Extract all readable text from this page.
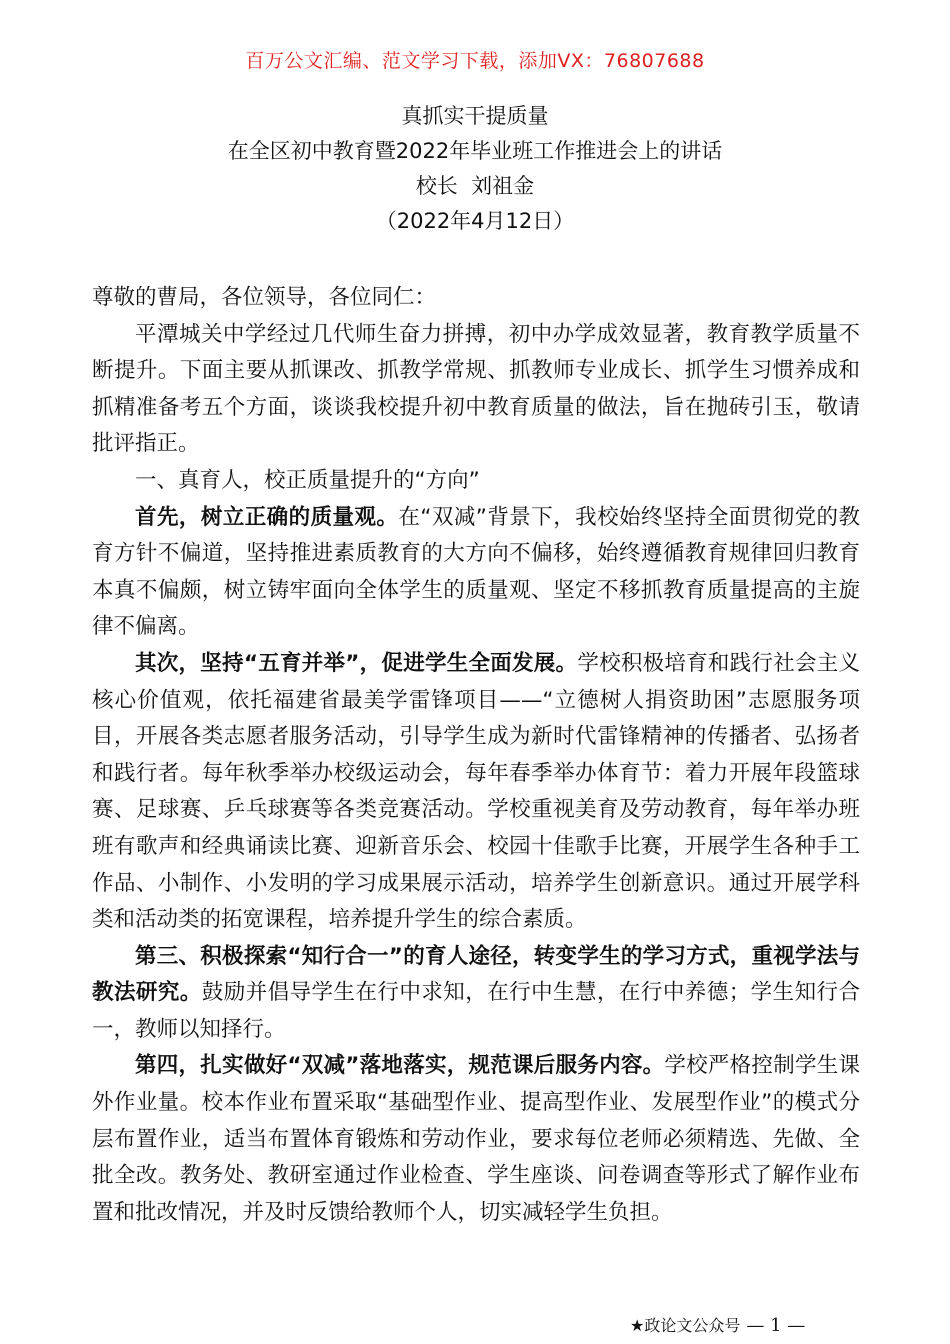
百万公文汇编、范文学习下载，添加VX：76807688
真抓实干提质量
在全区初中教育暨2022年毕业班工作推进会上的讲话
校长  刘祖金
（2022年4月12日）

尊敬的曹局，各位领导，各位同仁：

平潭城关中学经过几代师生奋力拼搏，初中办学成效显著，教育教学质量不断提升。下面主要从抓课改、抓教学常规、抓教师专业成长、抓学生习惯养成和抓精准备考五个方面，谈谈我校提升初中教育质量的做法，旨在抛砖引玉，敬请批评指正。

一、真育人，校正质量提升的“方向”

首先，树立正确的质量观。在“双减”背景下，我校始终坚持全面贯彻党的教育方针不偏道，坚持推进素质教育的大方向不偏移，始终遵循教育规律回归教育本真不偏颇，树立铸牢面向全体学生的质量观、坚定不移抓教育质量提高的主旋律不偏离。

其次，坚持“五育并举”，促进学生全面发展。学校积极培育和践行社会主义核心价值观，依托福建省最美学雷锋项目——“立德树人捐资助困”志愿服务项目，开展各类志愿者服务活动，引导学生成为新时代雷锋精神的传播者、弘扬者和践行者。每年秋季举办校级运动会，每年春季举办体育节：着力开展年段篮球赛、足球赛、乒乓球赛等各类竞赛活动。学校重视美育及劳动教育，每年举办班班有歌声和经典诵读比赛、迎新音乐会、校园十佳歌手比赛，开展学生各种手工作品、小制作、小发明的学习成果展示活动，培养学生创新意识。通过开展学科类和活动类的拓宽课程，培养提升学生的综合素质。

第三、积极探索“知行合一”的育人途径，转变学生的学习方式，重视学法与教法研究。鼓励并倡导学生在行中求知，在行中生慧，在行中养德；学生知行合一，教师以知择行。

第四，扎实做好“双减”落地落实，规范课后服务内容。学校严格控制学生课外作业量。校本作业布置采取“基础型作业、提高型作业、发展型作业”的模式分层布置作业，适当布置体育锻炼和劳动作业，要求每位老师必须精选、先做、全批全改。教务处、教研室通过作业检查、学生座谈、问卷调查等形式了解作业布置和批改情况，并及时反馈给教师个人，切实减轻学生负担。

★政论文公众号 — 1 —
